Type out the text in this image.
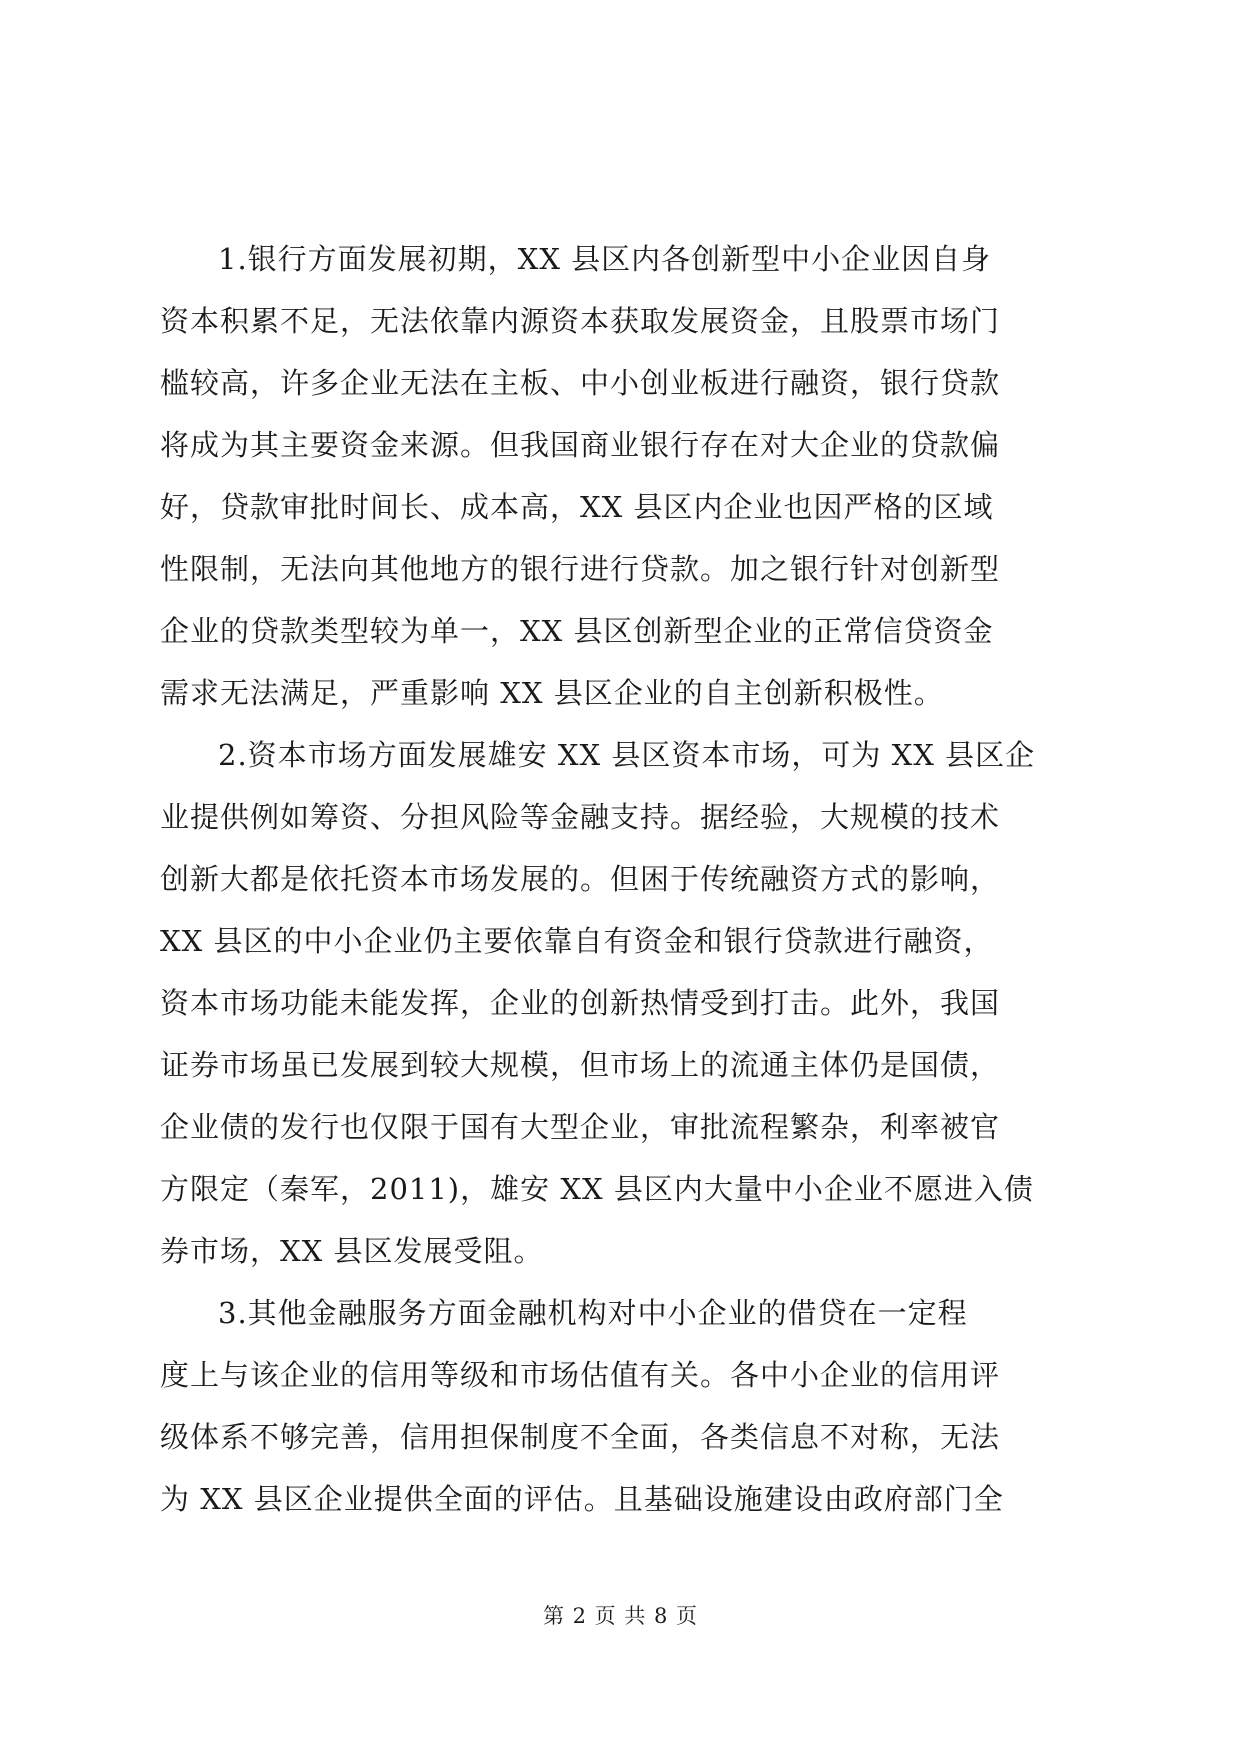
1.银行方面发展初期，XX 县区内各创新型中小企业因自身

资本积累不足，无法依靠内源资本获取发展资金，且股票市场门

槛较高，许多企业无法在主板、中小创业板进行融资，银行贷款

将成为其主要资金来源。但我国商业银行存在对大企业的贷款偏

好，贷款审批时间长、成本高，XX 县区内企业也因严格的区域

性限制，无法向其他地方的银行进行贷款。加之银行针对创新型

企业的贷款类型较为单一，XX 县区创新型企业的正常信贷资金

需求无法满足，严重影响 XX 县区企业的自主创新积极性。

2.资本市场方面发展雄安 XX 县区资本市场，可为 XX 县区企

业提供例如筹资、分担风险等金融支持。据经验，大规模的技术

创新大都是依托资本市场发展的。但困于传统融资方式的影响，

XX 县区的中小企业仍主要依靠自有资金和银行贷款进行融资，

资本市场功能未能发挥，企业的创新热情受到打击。此外，我国

证券市场虽已发展到较大规模，但市场上的流通主体仍是国债，

企业债的发行也仅限于国有大型企业，审批流程繁杂，利率被官

方限定（秦军，2011)，雄安 XX 县区内大量中小企业不愿进入债

券市场，XX 县区发展受阻。

3.其他金融服务方面金融机构对中小企业的借贷在一定程

度上与该企业的信用等级和市场估值有关。各中小企业的信用评

级体系不够完善，信用担保制度不全面，各类信息不对称，无法

为 XX 县区企业提供全面的评估。且基础设施建设由政府部门全

第 2 页 共 8 页
